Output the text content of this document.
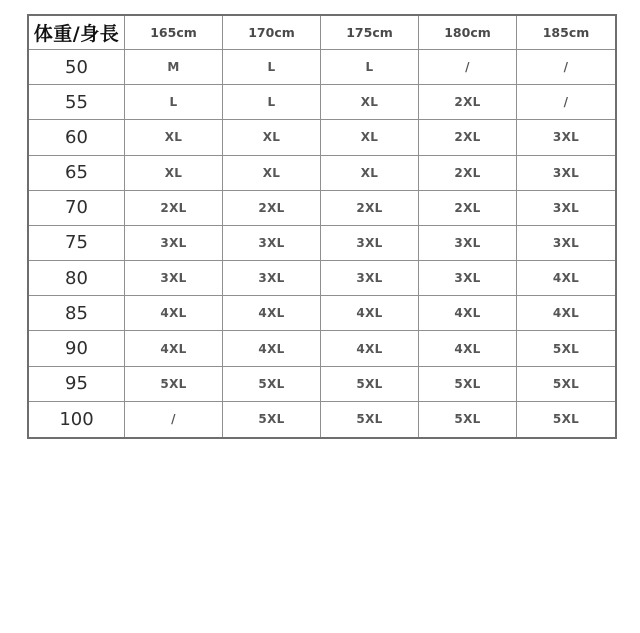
体重/身長	165cm	170cm	175cm	180cm	185cm
50	M	L	L	/	/
55	L	L	XL	2XL	/
60	XL	XL	XL	2XL	3XL
65	XL	XL	XL	2XL	3XL
70	2XL	2XL	2XL	2XL	3XL
75	3XL	3XL	3XL	3XL	3XL
80	3XL	3XL	3XL	3XL	4XL
85	4XL	4XL	4XL	4XL	4XL
90	4XL	4XL	4XL	4XL	5XL
95	5XL	5XL	5XL	5XL	5XL
100	/	5XL	5XL	5XL	5XL
